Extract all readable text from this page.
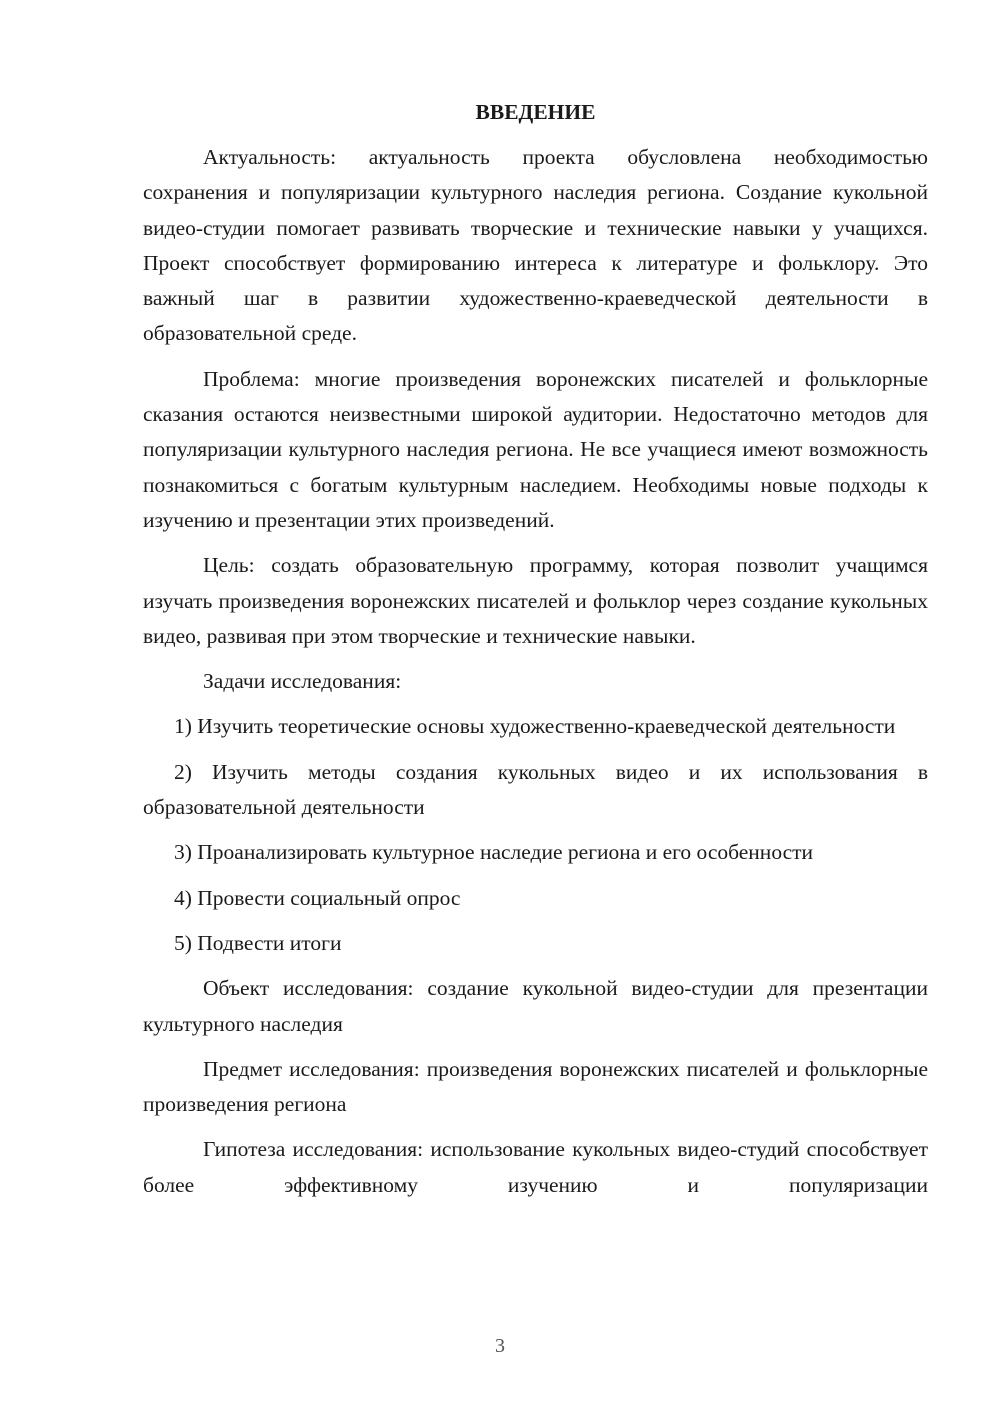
ВВЕДЕНИЕ

Актуальность: актуальность проекта обусловлена необходимостью сохранения и популяризации культурного наследия региона. Создание кукольной видео-студии помогает развивать творческие и технические навыки у учащихся. Проект способствует формированию интереса к литературе и фольклору. Это важный шаг в развитии художественно-краеведческой деятельности в образовательной среде.

Проблема: многие произведения воронежских писателей и фольклорные сказания остаются неизвестными широкой аудитории. Недостаточно методов для популяризации культурного наследия региона. Не все учащиеся имеют возможность познакомиться с богатым культурным наследием. Необходимы новые подходы к изучению и презентации этих произведений.

Цель: создать образовательную программу, которая позволит учащимся изучать произведения воронежских писателей и фольклор через создание кукольных видео, развивая при этом творческие и технические навыки.

Задачи исследования:

1) Изучить теоретические основы художественно-краеведческой деятельности

2) Изучить методы создания кукольных видео и их использования в образовательной деятельности

3) Проанализировать культурное наследие региона и его особенности

4) Провести социальный опрос

5) Подвести итоги

Объект исследования: создание кукольной видео-студии для презентации культурного наследия

Предмет исследования: произведения воронежских писателей и фольклорные произведения региона

Гипотеза исследования: использование кукольных видео-студий способствует более эффективному изучению и популяризации

3
